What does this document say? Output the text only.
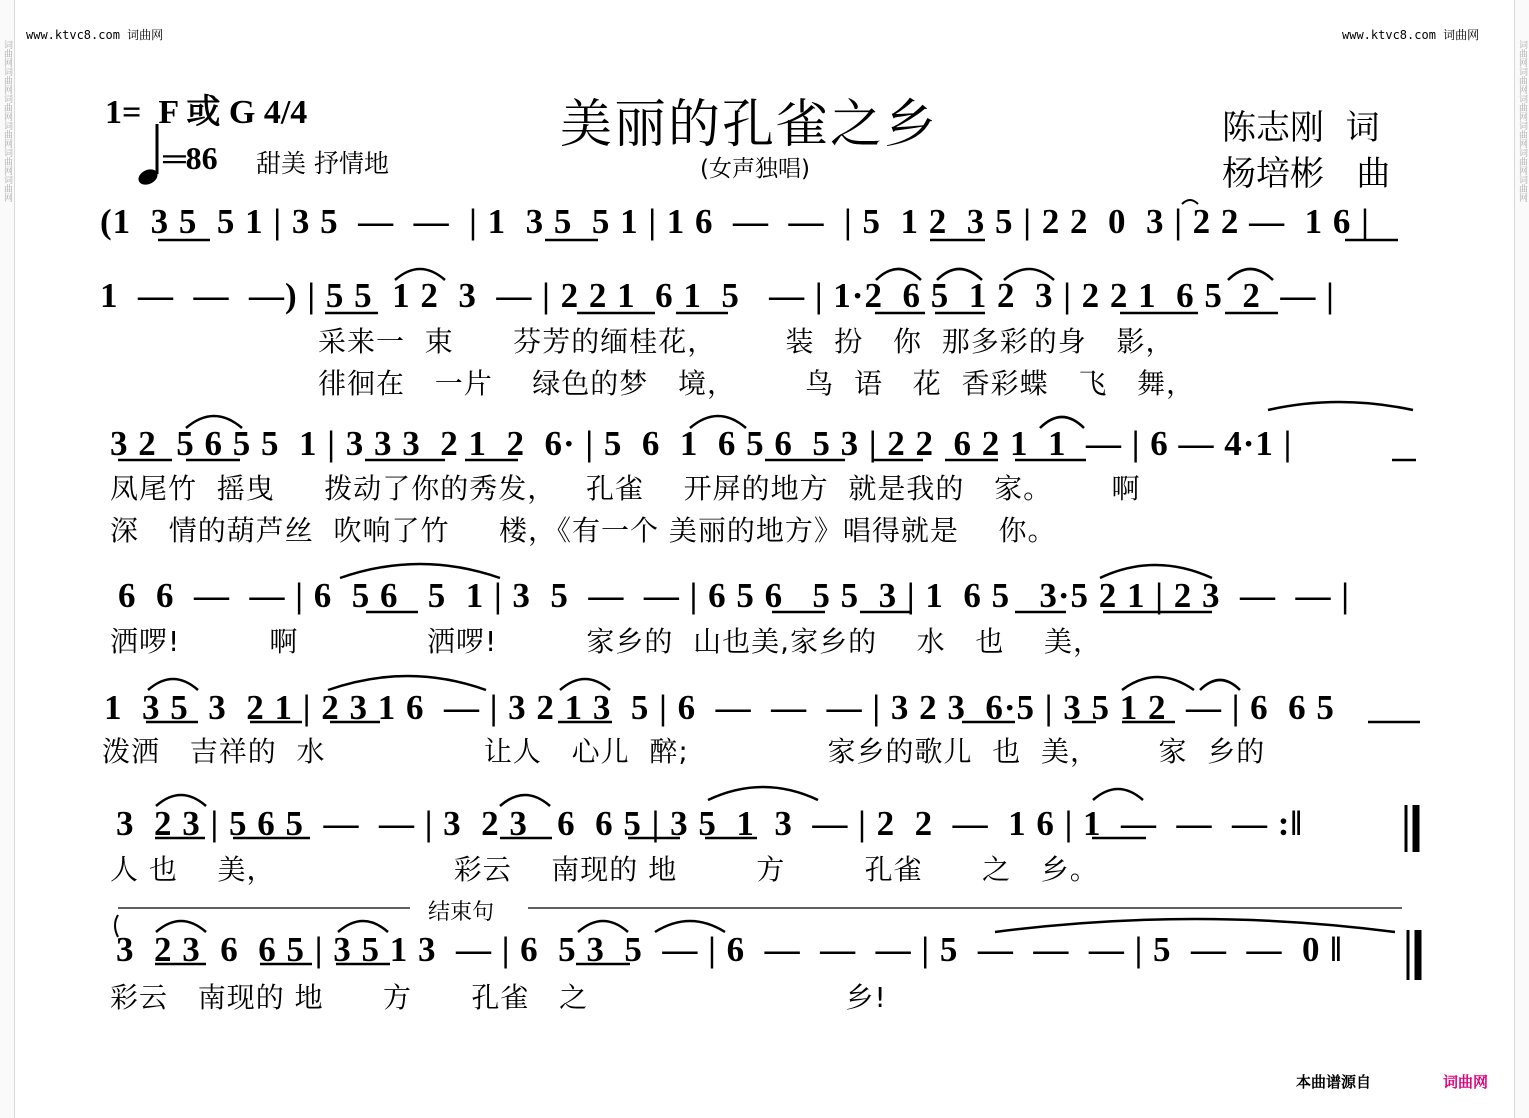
词曲网词曲网词曲网词曲网词曲网词曲网	词曲网词曲网词曲网词曲网词曲网词曲网
www.ktvc8.com 词曲网	www.ktvc8.com 词曲网
1=  F 或 G 4/4
═86 甜美 抒情地
美丽的孔雀之乡
(女声独唱)
陈志刚  词
杨培彬   曲
(1  3 5  5 1 | 3 5  —  —  | 1  3 5  5 1 | 1 6  —  —  | 5  1 2  3 5 | 2 2  0  3 | 2 2 —  1 6 |
1  —  —  —) | 5 5  1 2  3  — | 2 2 1  6 1  5   — | 1·2  6 5  1 2  3 | 2 2 1  6 5  2  — |
采来一  束      芬芳的缅桂花，       装  扮   你  那多彩的身   影，
徘徊在   一片    绿色的梦   境，       鸟  语   花  香彩蝶   飞   舞，
3 2  5 6 5 5  1 | 3 3 3  2 1  2  6· | 5  6  1  6 5 6  5 3 | 2 2  6 2 1  1  — | 6 — 4·1 |
凤尾竹  摇曳     拨动了你的秀发，   孔雀    开屏的地方  就是我的   家。      啊
深   情的葫芦丝  吹响了竹     楼，《有一个 美丽的地方》唱得就是    你。
6  6  —  — | 6  5 6   5  1 | 3  5  —  — | 6 5 6   5 5  3 | 1  6 5   3·5 2 1 | 2 3  —  — |
洒啰!         啊             洒啰!         家乡的  山也美,家乡的    水   也    美，
1  3 5  3  2 1 | 2 3 1 6  — | 3 2 1 3  5 | 6  —  —  — | 3 2 3  6·5 | 3 5 1 2  — | 6  6 5
泼洒   吉祥的  水                让人   心儿  醉;              家乡的歌儿  也  美，      家  乡的
3  2 3 | 5 6 5  —  — | 3  2 3   6  6 5 | 3 5  1  3  — | 2  2  —  1 6 | 1  —  —  — :‖
人 也    美，                  彩云    南现的 地        方        孔雀      之   乡。
结束句
3  2 3  6  6 5 | 3 5 1 3  — | 6  5 3  5  — | 6  —  —  — | 5  —  —  — | 5  —  —  0 ‖
彩云   南现的 地      方      孔雀   之                          乡!
本曲谱源自	词曲网
